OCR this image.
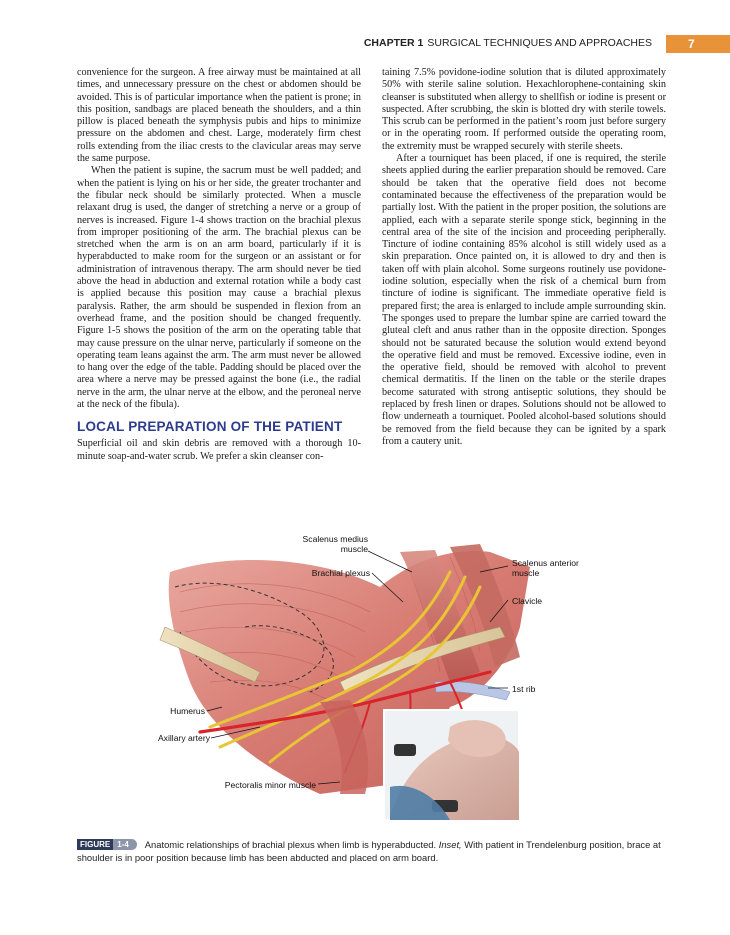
CHAPTER 1 SURGICAL TECHNIQUES AND APPROACHES	7

convenience for the surgeon. A free airway must be maintained at all times, and unnecessary pressure on the chest or abdomen should be avoided. This is of particular importance when the patient is prone; in this position, sandbags are placed beneath the shoulders, and a thin pillow is placed beneath the symphysis pubis and hips to minimize pressure on the abdomen and chest. Large, moderately firm chest rolls extending from the iliac crests to the clavicular areas may serve the same purpose.

When the patient is supine, the sacrum must be well padded; and when the patient is lying on his or her side, the greater trochanter and the fibular neck should be similarly protected. When a muscle relaxant drug is used, the danger of stretching a nerve or a group of nerves is increased. Figure 1-4 shows traction on the brachial plexus from improper positioning of the arm. The brachial plexus can be stretched when the arm is on an arm board, particularly if it is hyperabducted to make room for the surgeon or an assistant or for administration of intravenous therapy. The arm should never be tied above the head in abduction and external rotation while a body cast is applied because this position may cause a brachial plexus paralysis. Rather, the arm should be suspended in flexion from an overhead frame, and the position should be changed frequently. Figure 1-5 shows the position of the arm on the operating table that may cause pressure on the ulnar nerve, particularly if someone on the operating team leans against the arm. The arm must never be allowed to hang over the edge of the table. Padding should be placed over the area where a nerve may be pressed against the bone (i.e., the radial nerve in the arm, the ulnar nerve at the elbow, and the peroneal nerve at the neck of the fibula).

LOCAL PREPARATION OF THE PATIENT

Superficial oil and skin debris are removed with a thorough 10-minute soap-and-water scrub. We prefer a skin cleanser con-

taining 7.5% povidone-iodine solution that is diluted approximately 50% with sterile saline solution. Hexachlorophene-containing skin cleanser is substituted when allergy to shellfish or iodine is present or suspected. After scrubbing, the skin is blotted dry with sterile towels. This scrub can be performed in the patient’s room just before surgery or in the operating room. If performed outside the operating room, the extremity must be wrapped securely with sterile sheets.

After a tourniquet has been placed, if one is required, the sterile sheets applied during the earlier preparation should be removed. Care should be taken that the operative field does not become contaminated because the effectiveness of the preparation would be partially lost. With the patient in the proper position, the solutions are applied, each with a separate sterile sponge stick, beginning in the central area of the site of the incision and proceeding peripherally. Tincture of iodine containing 85% alcohol is still widely used as a skin preparation. Once painted on, it is allowed to dry and then is taken off with plain alcohol. Some surgeons routinely use povidone-iodine solution, especially when the risk of a chemical burn from tincture of iodine is significant. The immediate operative field is prepared first; the area is enlarged to include ample surrounding skin. The sponges used to prepare the lumbar spine are carried toward the gluteal cleft and anus rather than in the opposite direction. Sponges should not be saturated because the solution would extend beyond the operative field and must be removed. Excessive iodine, even in the operative field, should be removed with alcohol to prevent chemical dermatitis. If the linen on the table or the sterile drapes become saturated with strong antiseptic solutions, they should be replaced by fresh linen or drapes. Solutions should not be allowed to flow underneath a tourniquet. Pooled alcohol-based solutions should be removed from the field because they can be ignited by a spark from a cautery unit.

Scalenus medius
muscle
Brachial plexus
Scalenus anterior
muscle
Clavicle
1st rib
Humerus
Axillary artery
Pectoralis minor muscle
FIGURE 1-4 Anatomic relationships of brachial plexus when limb is hyperabducted. Inset, With patient in Trendelenburg position, brace at shoulder is in poor position because limb has been abducted and placed on arm board.
